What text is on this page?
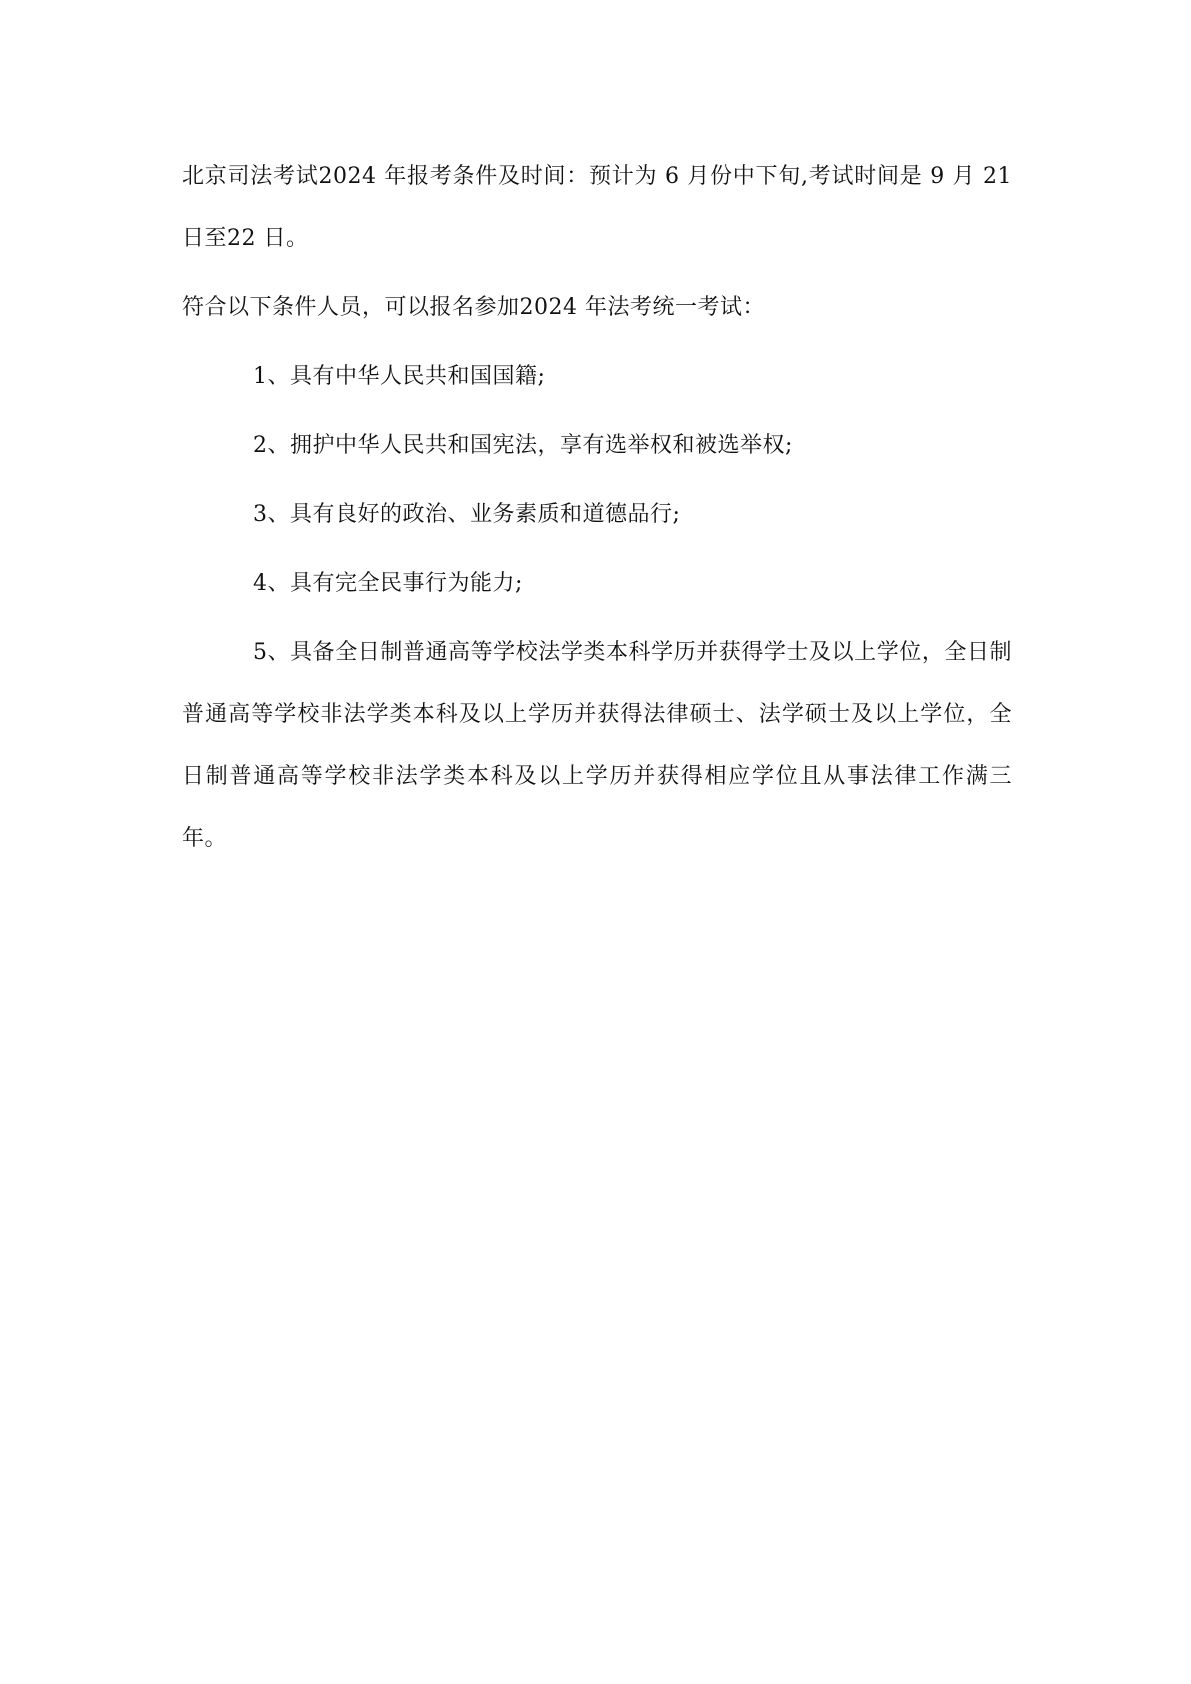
北京司法考试2024 年报考条件及时间：预计为 6 月份中下旬,考试时间是 9 月 21 日至22 日。

符合以下条件人员，可以报名参加2024 年法考统一考试：

1、具有中华人民共和国国籍;

2、拥护中华人民共和国宪法，享有选举权和被选举权;

3、具有良好的政治、业务素质和道德品行;

4、具有完全民事行为能力;

5、具备全日制普通高等学校法学类本科学历并获得学士及以上学位，全日制普通高等学校非法学类本科及以上学历并获得法律硕士、法学硕士及以上学位，全日制普通高等学校非法学类本科及以上学历并获得相应学位且从事法律工作满三年。
